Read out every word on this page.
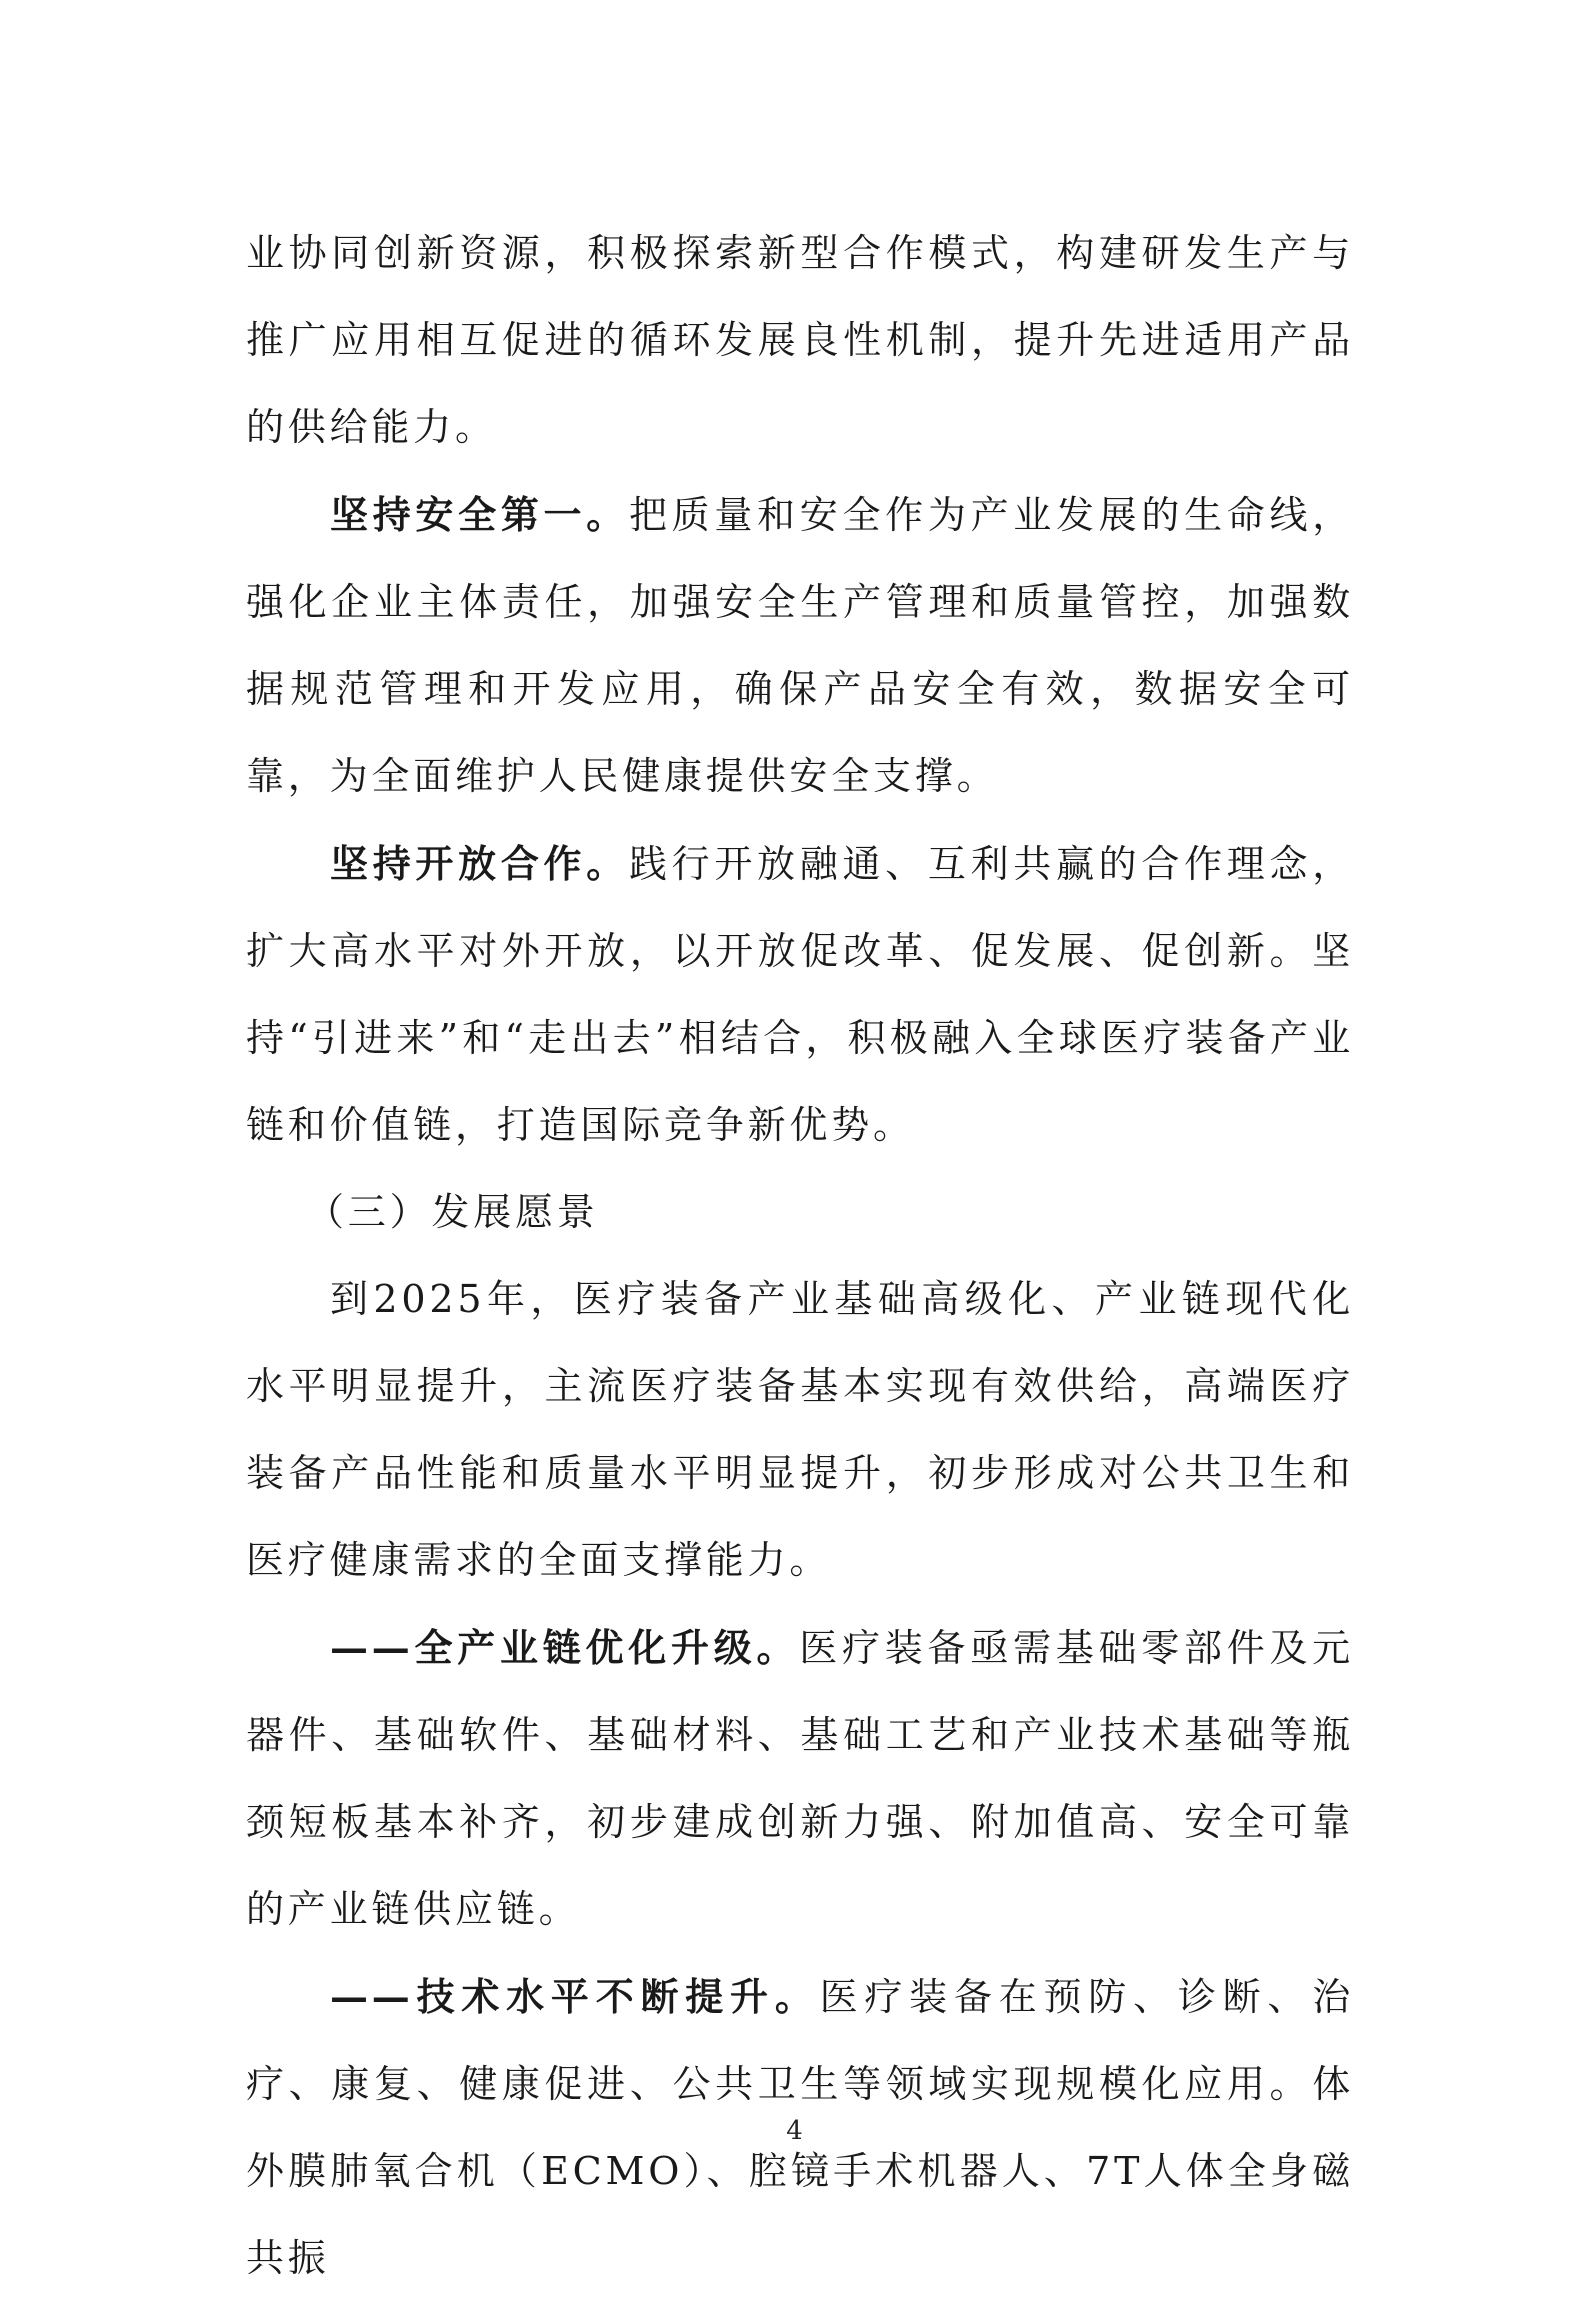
业协同创新资源，积极探索新型合作模式，构建研发生产与推广应用相互促进的循环发展良性机制，提升先进适用产品的供给能力。

坚持安全第一。把质量和安全作为产业发展的生命线，强化企业主体责任，加强安全生产管理和质量管控，加强数据规范管理和开发应用，确保产品安全有效，数据安全可靠，为全面维护人民健康提供安全支撑。

坚持开放合作。践行开放融通、互利共赢的合作理念，扩大高水平对外开放，以开放促改革、促发展、促创新。坚持“引进来”和“走出去”相结合，积极融入全球医疗装备产业链和价值链，打造国际竞争新优势。

（三）发展愿景

到2025年，医疗装备产业基础高级化、产业链现代化水平明显提升，主流医疗装备基本实现有效供给，高端医疗装备产品性能和质量水平明显提升，初步形成对公共卫生和医疗健康需求的全面支撑能力。

——全产业链优化升级。医疗装备亟需基础零部件及元器件、基础软件、基础材料、基础工艺和产业技术基础等瓶颈短板基本补齐，初步建成创新力强、附加值高、安全可靠的产业链供应链。

——技术水平不断提升。医疗装备在预防、诊断、治疗、康复、健康促进、公共卫生等领域实现规模化应用。体外膜肺氧合机（ECMO）、腔镜手术机器人、7T人体全身磁共振

4
